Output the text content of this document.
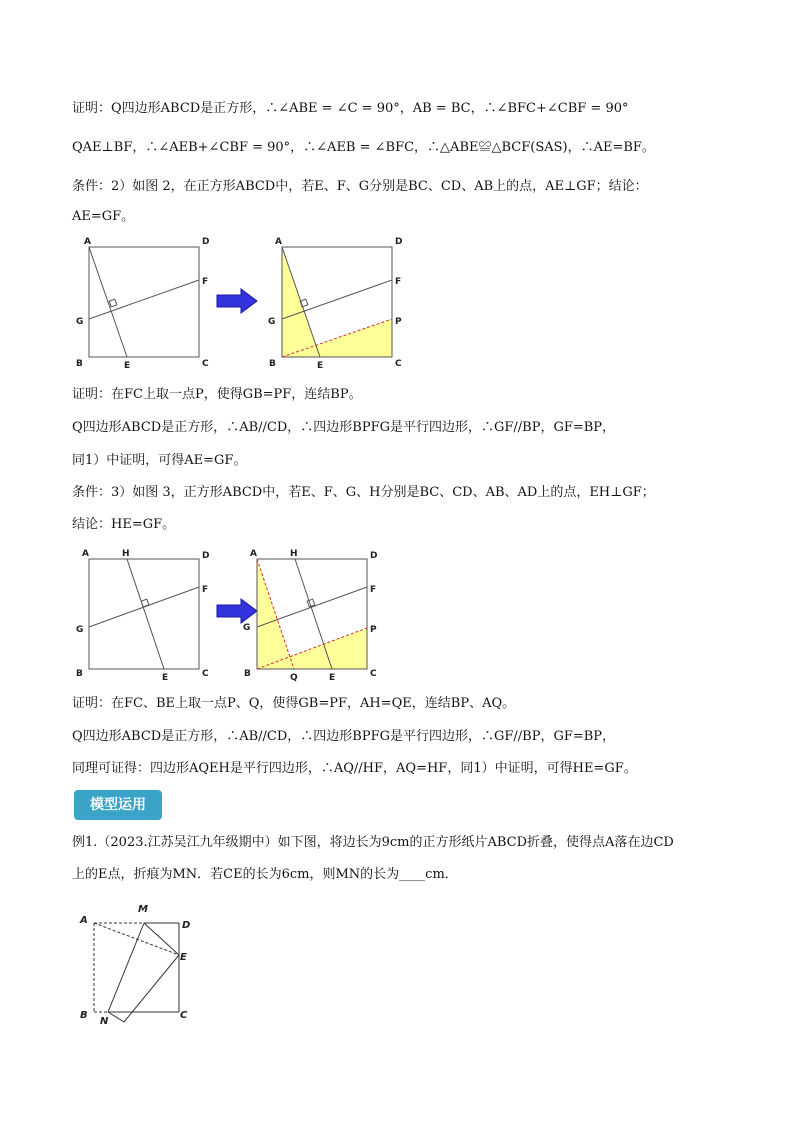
证明：Q四边形ABCD是正方形，∴∠ABE = ∠C = 90°，AB = BC，∴∠BFC+∠CBF = 90°
QAE⊥BF，∴∠AEB+∠CBF = 90°，∴∠AEB = ∠BFC，∴△ABE≌△BCF(SAS)，∴AE=BF。
条件：2）如图 2，在正方形ABCD中，若E、F、G分别是BC、CD、AB上的点，AE⊥GF；结论：
AE=GF。
A	D
F
G
B	E	C
A	D
F
P
G
B	E	C
证明：在FC上取一点P，使得GB=PF，连结BP。
Q四边形ABCD是正方形，∴AB//CD，∴四边形BPFG是平行四边形，∴GF//BP，GF=BP，
同1）中证明，可得AE=GF。
条件：3）如图 3，正方形ABCD中，若E、F、G、H分别是BC、CD、AB、AD上的点，EH⊥GF；
结论：HE=GF。
A	H	D
F
G
B	E	C
A	H	D
F
P
G
B	Q	E	C
证明：在FC、BE上取一点P、Q，使得GB=PF，AH=QE，连结BP、AQ。
Q四边形ABCD是正方形，∴AB//CD，∴四边形BPFG是平行四边形，∴GF//BP，GF=BP，
同理可证得：四边形AQEH是平行四边形，∴AQ//HF，AQ=HF，同1）中证明，可得HE=GF。
模型运用
例1.（2023.江苏吴江九年级期中）如下图，将边长为9cm的正方形纸片ABCD折叠，使得点A落在边CD
上的E点，折痕为MN．若CE的长为6cm，则MN的长为____cm．
A
M
D
E
B
N
C
